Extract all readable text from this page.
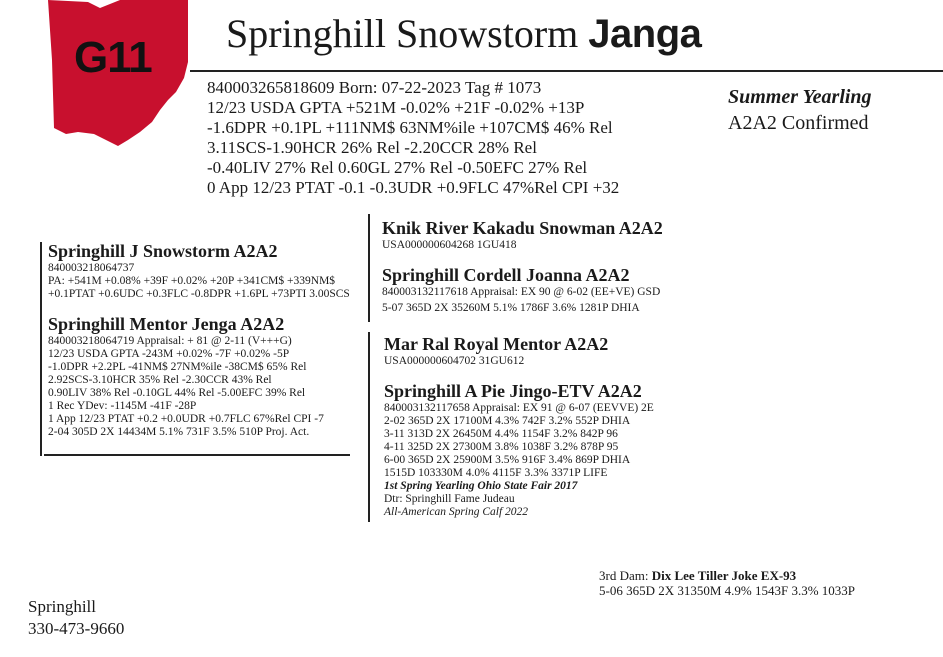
G11 Springhill Snowstorm Janga
840003265818609 Born: 07-22-2023 Tag # 1073
12/23 USDA GPTA +521M -0.02% +21F -0.02% +13P
-1.6DPR +0.1PL +111NM$ 63NM%ile +107CM$ 46% Rel
3.11SCS-1.90HCR 26% Rel -2.20CCR 28% Rel
-0.40LIV 27% Rel 0.60GL 27% Rel -0.50EFC 27% Rel
0 App 12/23 PTAT -0.1 -0.3UDR +0.9FLC 47%Rel CPI +32
Summer Yearling
A2A2 Confirmed
Springhill J Snowstorm A2A2
840003218064737
PA: +541M +0.08% +39F +0.02% +20P +341CM$ +339NM$
+0.1PTAT +0.6UDC +0.3FLC -0.8DPR +1.6PL +73PTI 3.00SCS
Springhill Mentor Jenga A2A2
840003218064719 Appraisal: + 81 @ 2-11 (V+++G)
12/23 USDA GPTA -243M +0.02% -7F +0.02% -5P
-1.0DPR +2.2PL -41NM$ 27NM%ile -38CM$ 65% Rel
2.92SCS-3.10HCR 35% Rel -2.30CCR 43% Rel
0.90LIV 38% Rel -0.10GL 44% Rel -5.00EFC 39% Rel
1 Rec YDev: -1145M -41F -28P
1 App 12/23 PTAT +0.2 +0.0UDR +0.7FLC 67%Rel CPI -7
2-04 305D 2X 14434M 5.1% 731F 3.5% 510P Proj. Act.
Knik River Kakadu Snowman A2A2
USA000000604268 1GU418
Springhill Cordell Joanna A2A2
840003132117618 Appraisal: EX 90 @ 6-02 (EE+VE) GSD
5-07 365D 2X 35260M 5.1% 1786F 3.6% 1281P DHIA
Mar Ral Royal Mentor A2A2
USA000000604702 31GU612
Springhill A Pie Jingo-ETV A2A2
840003132117658 Appraisal: EX 91 @ 6-07 (EEVVE) 2E
2-02 365D 2X 17100M 4.3% 742F 3.2% 552P DHIA
3-11 313D 2X 26450M 4.4% 1154F 3.2% 842P 96
4-11 325D 2X 27300M 3.8% 1038F 3.2% 878P 95
6-00 365D 2X 25900M 3.5% 916F 3.4% 869P DHIA
1515D 103330M 4.0% 4115F 3.3% 3371P LIFE
1st Spring Yearling Ohio State Fair 2017
Dtr: Springhill Fame Judeau
All-American Spring Calf 2022
3rd Dam: Dix Lee Tiller Joke EX-93
5-06 365D 2X 31350M 4.9% 1543F 3.3% 1033P
Springhill
330-473-9660
